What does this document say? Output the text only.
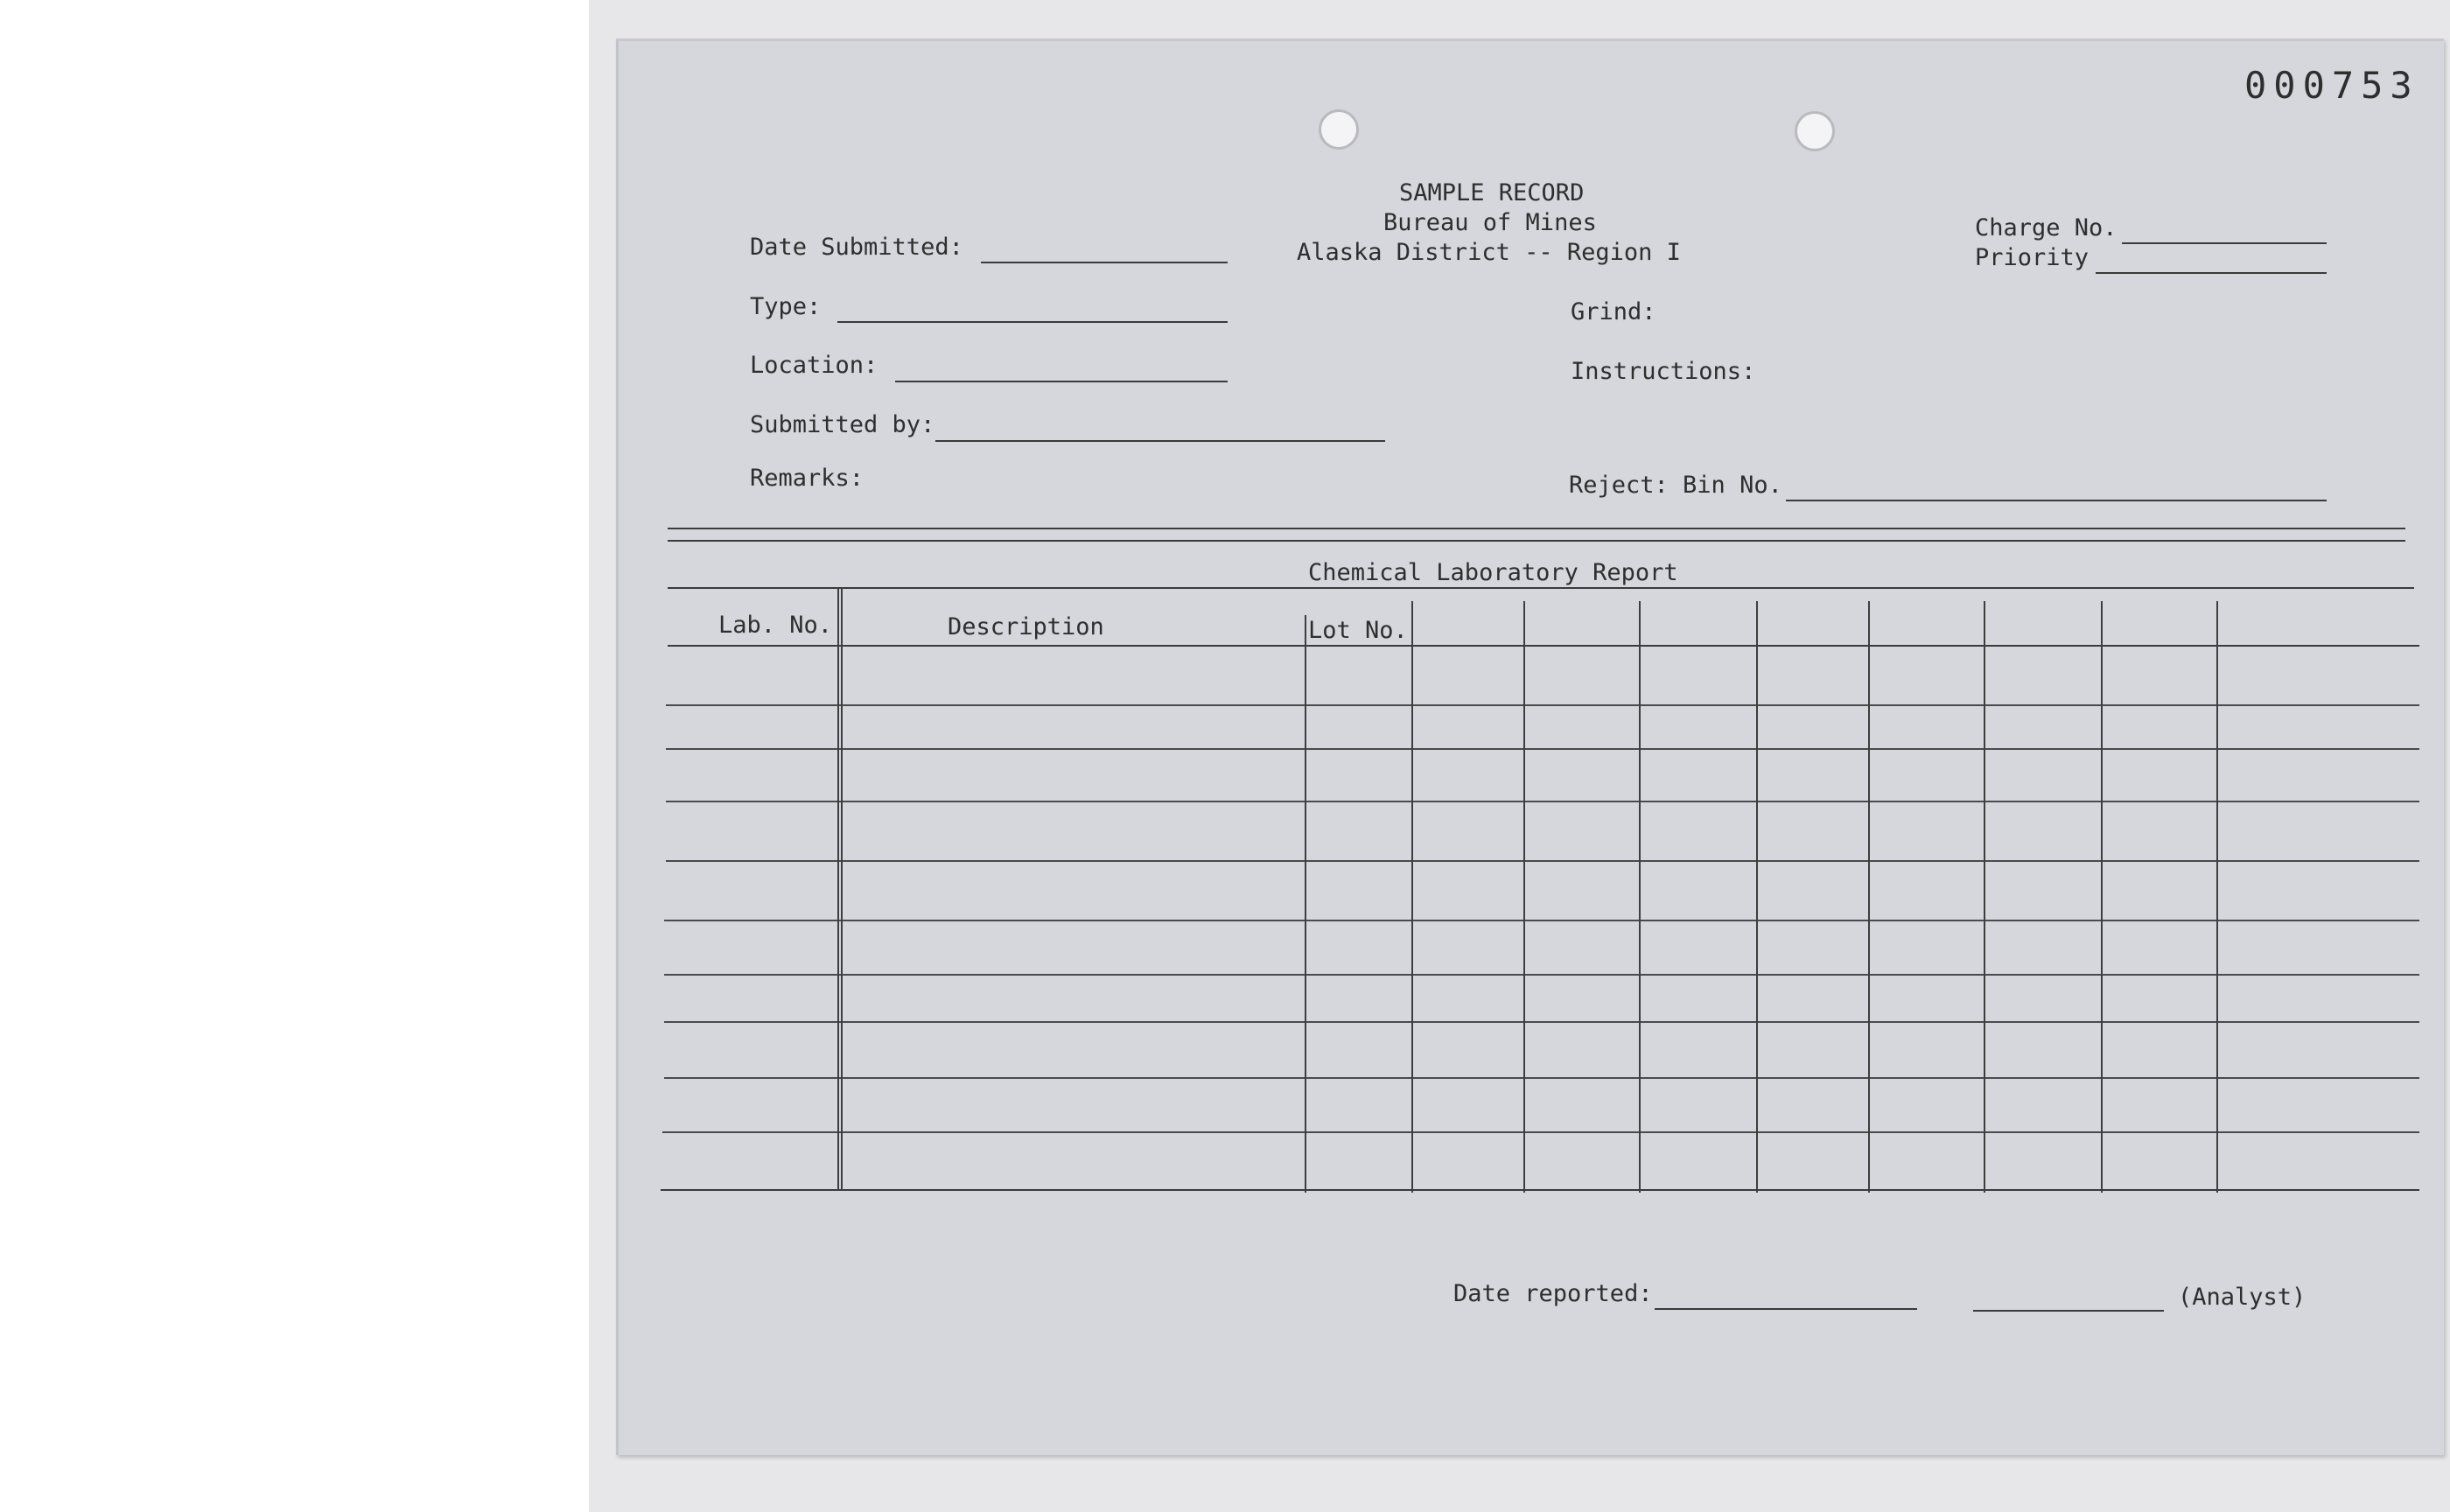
000753
SAMPLE RECORD
Bureau of Mines
Alaska District -- Region I
Date Submitted:
Type:
Location:
Submitted by:
Remarks:
Charge No.
Priority
Grind:
Instructions:
Reject: Bin No.
Chemical Laboratory Report
Lab. No.	Description	Lot No.
Date reported:	(Analyst)
